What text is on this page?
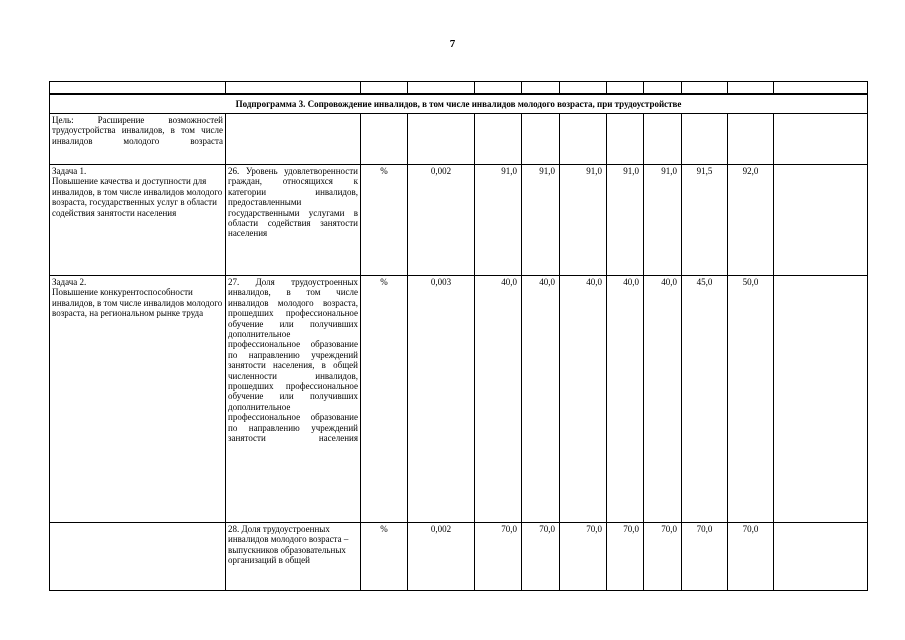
7

Подпрограмма 3. Сопровождение инвалидов, в том числе инвалидов молодого возраста, при трудоустройстве											
Цель: Расширение возможностей трудоустройства инвалидов, в том числе инвалидов молодого возраста											
Задача 1.
Повышение качества и доступности для инвалидов, в том числе инвалидов молодого возраста, государственных услуг в области содействия занятости населения	26. Уровень удовлетворенности граждан, относящихся к категории инвалидов, предоставленными государственными услугами в области содействия занятости населения	%	0,002	91,0	91,0	91,0	91,0	91,0	91,5	92,0	
Задача 2.
Повышение конкурентоспособности инвалидов, в том числе инвалидов молодого возраста, на региональном рынке труда	27. Доля трудоустроенных инвалидов, в том числе инвалидов молодого возраста, прошедших профессиональное обучение или получивших дополнительное профессиональное образование по направлению учреждений занятости населения, в общей численности инвалидов, прошедших профессиональное обучение или получивших дополнительное профессиональное образование по направлению учреждений занятости населения	%	0,003	40,0	40,0	40,0	40,0	40,0	45,0	50,0	
	28. Доля трудоустроенных инвалидов молодого возраста – выпускников образовательных организаций в общей	%	0,002	70,0	70,0	70,0	70,0	70,0	70,0	70,0	
